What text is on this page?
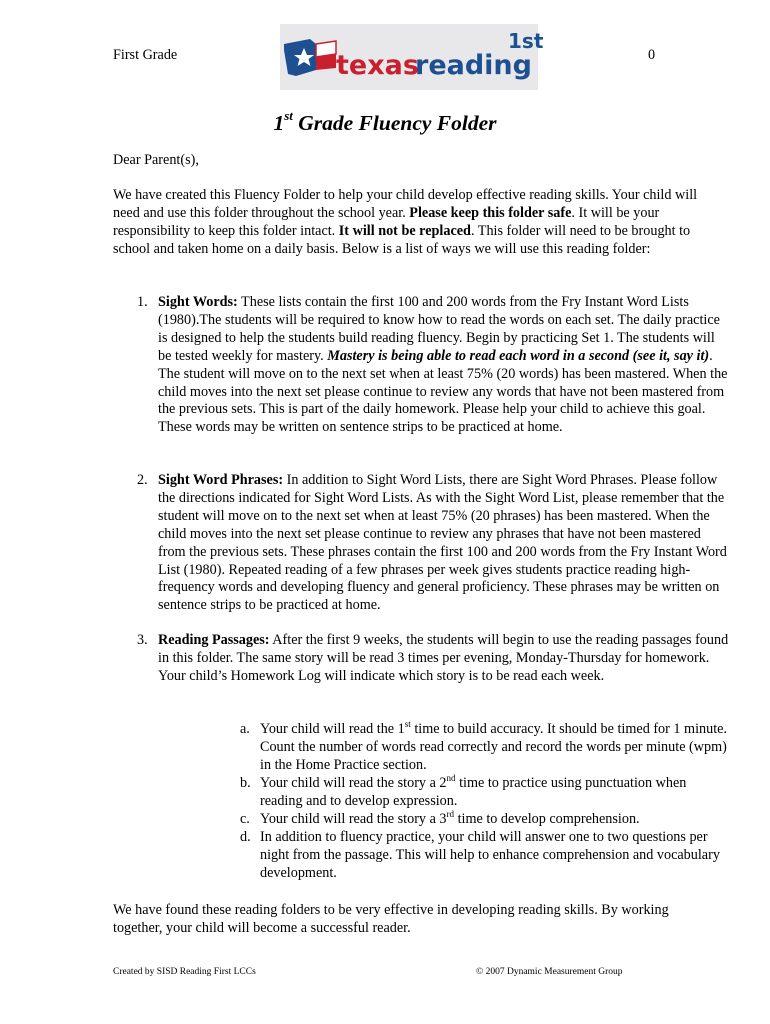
First Grade	0
texas
reading
1st
1st Grade Fluency Folder
Dear Parent(s),
We have created this Fluency Folder to help your child develop effective reading skills. Your child will need and use this folder throughout the school year. Please keep this folder safe. It will be your responsibility to keep this folder intact. It will not be replaced. This folder will need to be brought to school and taken home on a daily basis. Below is a list of ways we will use this reading folder:
1. Sight Words: These lists contain the first 100 and 200 words from the Fry Instant Word Lists (1980).The students will be required to know how to read the words on each set. The daily practice is designed to help the students build reading fluency. Begin by practicing Set 1. The students will be tested weekly for mastery. Mastery is being able to read each word in a second (see it, say it). The student will move on to the next set when at least 75% (20 words) has been mastered. When the child moves into the next set please continue to review any words that have not been mastered from the previous sets. This is part of the daily homework. Please help your child to achieve this goal. These words may be written on sentence strips to be practiced at home.
2. Sight Word Phrases: In addition to Sight Word Lists, there are Sight Word Phrases. Please follow the directions indicated for Sight Word Lists. As with the Sight Word List, please remember that the student will move on to the next set when at least 75% (20 phrases) has been mastered. When the child moves into the next set please continue to review any phrases that have not been mastered from the previous sets. These phrases contain the first 100 and 200 words from the Fry Instant Word List (1980). Repeated reading of a few phrases per week gives students practice reading high-frequency words and developing fluency and general proficiency. These phrases may be written on sentence strips to be practiced at home.
3. Reading Passages: After the first 9 weeks, the students will begin to use the reading passages found in this folder. The same story will be read 3 times per evening, Monday-Thursday for homework. Your child’s Homework Log will indicate which story is to be read each week.
a. Your child will read the 1st time to build accuracy. It should be timed for 1 minute. Count the number of words read correctly and record the words per minute (wpm) in the Home Practice section.
b. Your child will read the story a 2nd time to practice using punctuation when reading and to develop expression.
c. Your child will read the story a 3rd time to develop comprehension.
d. In addition to fluency practice, your child will answer one to two questions per night from the passage. This will help to enhance comprehension and vocabulary development.
We have found these reading folders to be very effective in developing reading skills. By working together, your child will become a successful reader.
Created by SISD Reading First LCCs	© 2007 Dynamic Measurement Group
